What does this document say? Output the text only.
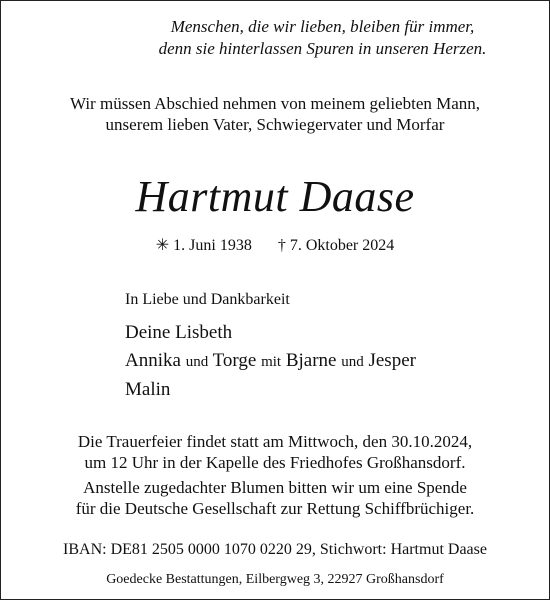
Menschen, die wir lieben, bleiben für immer,
denn sie hinterlassen Spuren in unseren Herzen.
Wir müssen Abschied nehmen von meinem geliebten Mann,
unserem lieben Vater, Schwiegervater und Morfar
Hartmut Daase
✳ 1. Juni 1938 † 7. Oktober 2024
In Liebe und Dankbarkeit
Deine Lisbeth
Annika und Torge mit Bjarne und Jesper
Malin
Die Trauerfeier findet statt am Mittwoch, den 30.10.2024,
um 12 Uhr in der Kapelle des Friedhofes Großhansdorf.
Anstelle zugedachter Blumen bitten wir um eine Spende
für die Deutsche Gesellschaft zur Rettung Schiffbrüchiger.
IBAN: DE81 2505 0000 1070 0220 29, Stichwort: Hartmut Daase
Goedecke Bestattungen, Eilbergweg 3, 22927 Großhansdorf
